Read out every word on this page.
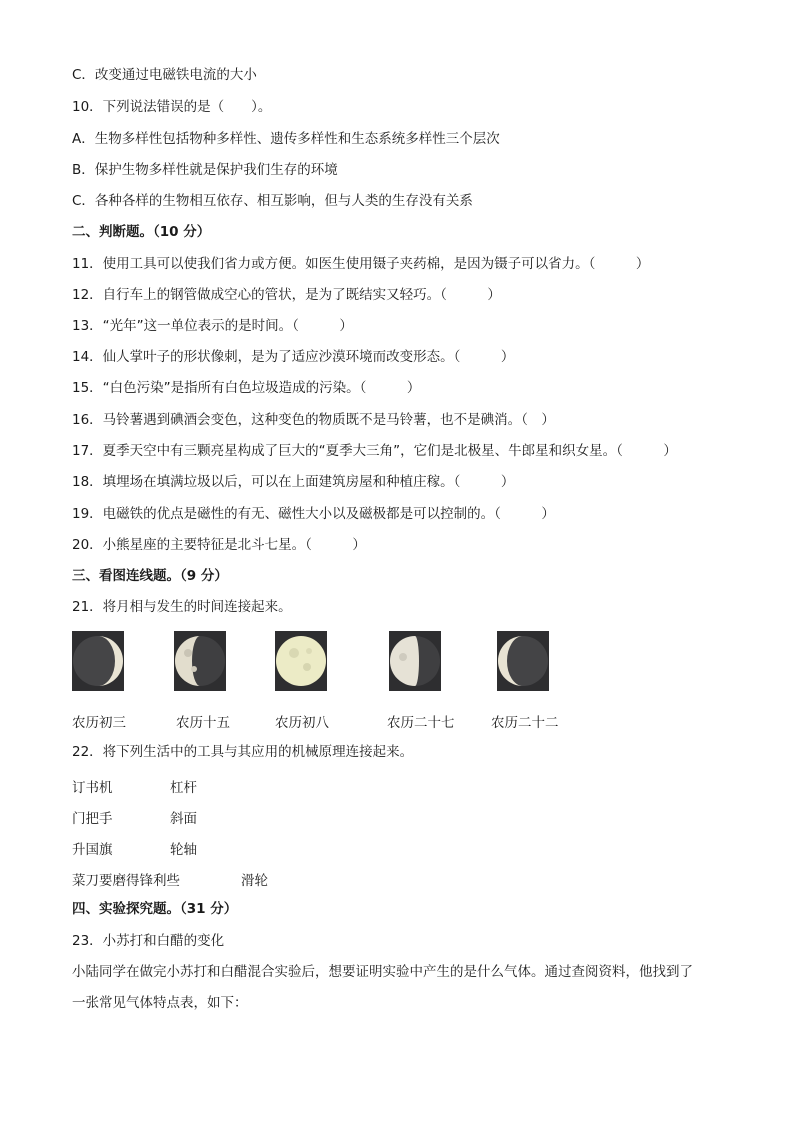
C．改变通过电磁铁电流的大小
10．下列说法错误的是（　　）。
A．生物多样性包括物种多样性、遗传多样性和生态系统多样性三个层次
B．保护生物多样性就是保护我们生存的环境
C．各种各样的生物相互依存、相互影响，但与人类的生存没有关系
二、判断题。（10 分）
11．使用工具可以使我们省力或方便。如医生使用镊子夹药棉，是因为镊子可以省力。（　　　）
12．自行车上的钢管做成空心的管状，是为了既结实又轻巧。（　　　）
13．“光年”这一单位表示的是时间。（　　　）
14．仙人掌叶子的形状像刺，是为了适应沙漠环境而改变形态。（　　　）
15．“白色污染”是指所有白色垃圾造成的污染。（　　　）
16．马铃薯遇到碘酒会变色，这种变色的物质既不是马铃薯，也不是碘消。（　）
17．夏季天空中有三颗亮星构成了巨大的“夏季大三角”，它们是北极星、牛郎星和织女星。（　　　）
18．填埋场在填满垃圾以后，可以在上面建筑房屋和种植庄稼。（　　　）
19．电磁铁的优点是磁性的有无、磁性大小以及磁极都是可以控制的。（　　　）
20．小熊星座的主要特征是北斗七星。（　　　）
三、看图连线题。（9 分）
21．将月相与发生的时间连接起来。
农历初三	农历十五	农历初八	农历二十七	农历二十二
22．将下列生活中的工具与其应用的机械原理连接起来。
订书机	杠杆
门把手	斜面
升国旗	轮轴
菜刀要磨得锋利些	滑轮
四、实验探究题。（31 分）
23．小苏打和白醋的变化
小陆同学在做完小苏打和白醋混合实验后，想要证明实验中产生的是什么气体。通过查阅资料，他找到了
一张常见气体特点表，如下：
